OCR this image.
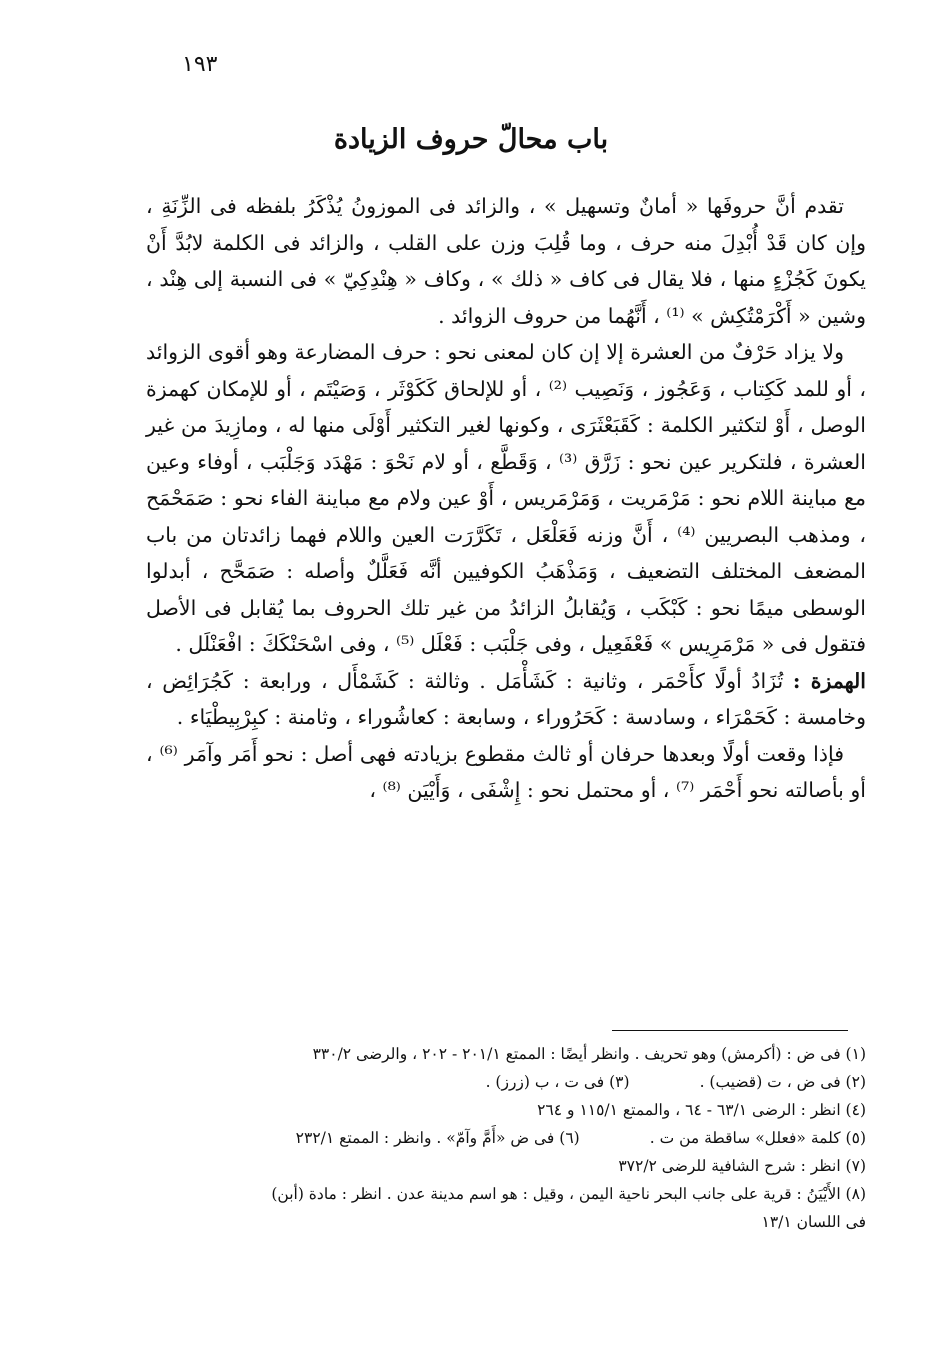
١٩٣
باب محالّ حروف الزيادة

تقدم أنَّ حروفَها « أمانٌ وتسهيل » ، والزائد فى الموزونُ يُذْكَرُ بلفظه فى الزِّنَةِ ، وإن كان قَدْ أُبْدِلَ منه حرف ، وما قُلِبَ وزن على القلب ، والزائد فى الكلمة لابُدَّ أَنْ يكونَ كَجُزْءٍ منها ، فلا يقال فى كاف « ذلك » ، وكاف « هِنْدِكِيّ » فى النسبة إلى هِنْد ، وشين « أَكْرَمْتُكِش » ⁽¹⁾ ، أَنَّهُما من حروف الزوائد .

ولا يزاد حَرْفٌ من العشرة إلا إن كان لمعنى نحو : حرف المضارعة وهو أقوى الزوائد ، أو للمد كَكِتاب ، وَعَجُوز ، وَنَصِيب ⁽²⁾ ، أو للإلحاق كَكَوْثَر ، وَصَيْتَم ، أو للإمكان كهمزة الوصل ، أَوْ لتكثير الكلمة : كَقَبَعْثَرَى ، وكونها لغير التكثير أَوْلَى منها له ، ومازِيدَ من غير العشرة ، فلتكرير عين نحو : زَرَّق ⁽³⁾ ، وَقَطَّع ، أو لام نَحْوَ : مَهْدَد وَجَلْبَب ، أوفاء وعين مع مباينة اللام نحو : مَرْمَريت ، وَمَرْمَريس ، أَوْ عين ولام مع مباينة الفاء نحو : صَمَحْمَح ، ومذهب البصريين ⁽⁴⁾ ، أَنَّ وزنه فَعَلْعَل ، تَكَرَّرَت العين واللام فهما زائدتان من باب المضعف المختلف التضعيف ، وَمَذْهَبُ الكوفيين أنَّه فَعَلَّلٌ وأصله : صَمَحَّح ، أبدلوا الوسطى ميمًا نحو : كَبْكَب ، وَيُقابلُ الزائدُ من غير تلك الحروف بما يُقابل فى الأصل فتقول فى « مَرْمَرِيس » فَعْفَعِيل ، وفى جَلْبَب : فَعْلَل ⁽⁵⁾ ، وفى اسْحَنْكَكَ : افْعَنْلَل .

الهمزة : تُزَادُ أولًا كأَحْمَر ، وثانية : كَشَأْمَل . وثالثة : كَشَمْأَل ، ورابعة : كَجُرَائِض ، وخامسة : كَحَمْرَاء ، وسادسة : كَحَرُوراء ، وسابعة : كعاشُوراء ، وثامنة : كبِرْبِيطْيَاء .

فإذا وقعت أولًا وبعدها حرفان أو ثالث مقطوع بزيادته فهى أصل : نحو أَمَر وآمَر ⁽⁶⁾ ، أو بأصالته نحو أَحْمَر ⁽⁷⁾ ، أو محتمل نحو : إِشْفَى ، وَأَيْيَن ⁽⁸⁾ ،

(١) فى ض : (أكرمش) وهو تحريف . وانظر أيضًا : الممتع ٢٠١/١ - ٢٠٢ ، والرضى ٣٣٠/٢
(٢) فى ض ، ت (قضيب) .
(٣) فى ت ، ب (زرز) .
(٤) انظر : الرضى ٦٣/١ - ٦٤ ، والممتع ١١٥/١ و ٢٦٤
(٥) كلمة «فعلل» ساقطة من ت .
(٦) فى ض «أَمَّ وآمّ» . وانظر : الممتع ٢٣٢/١
(٧) انظر : شرح الشافية للرضى ٣٧٢/٢
(٨) الأَيْيَنُ : قرية على جانب البحر ناحية اليمن ، وقيل : هو اسم مدينة عدن . انظر : مادة (أبن)
فى اللسان ١٣/١
